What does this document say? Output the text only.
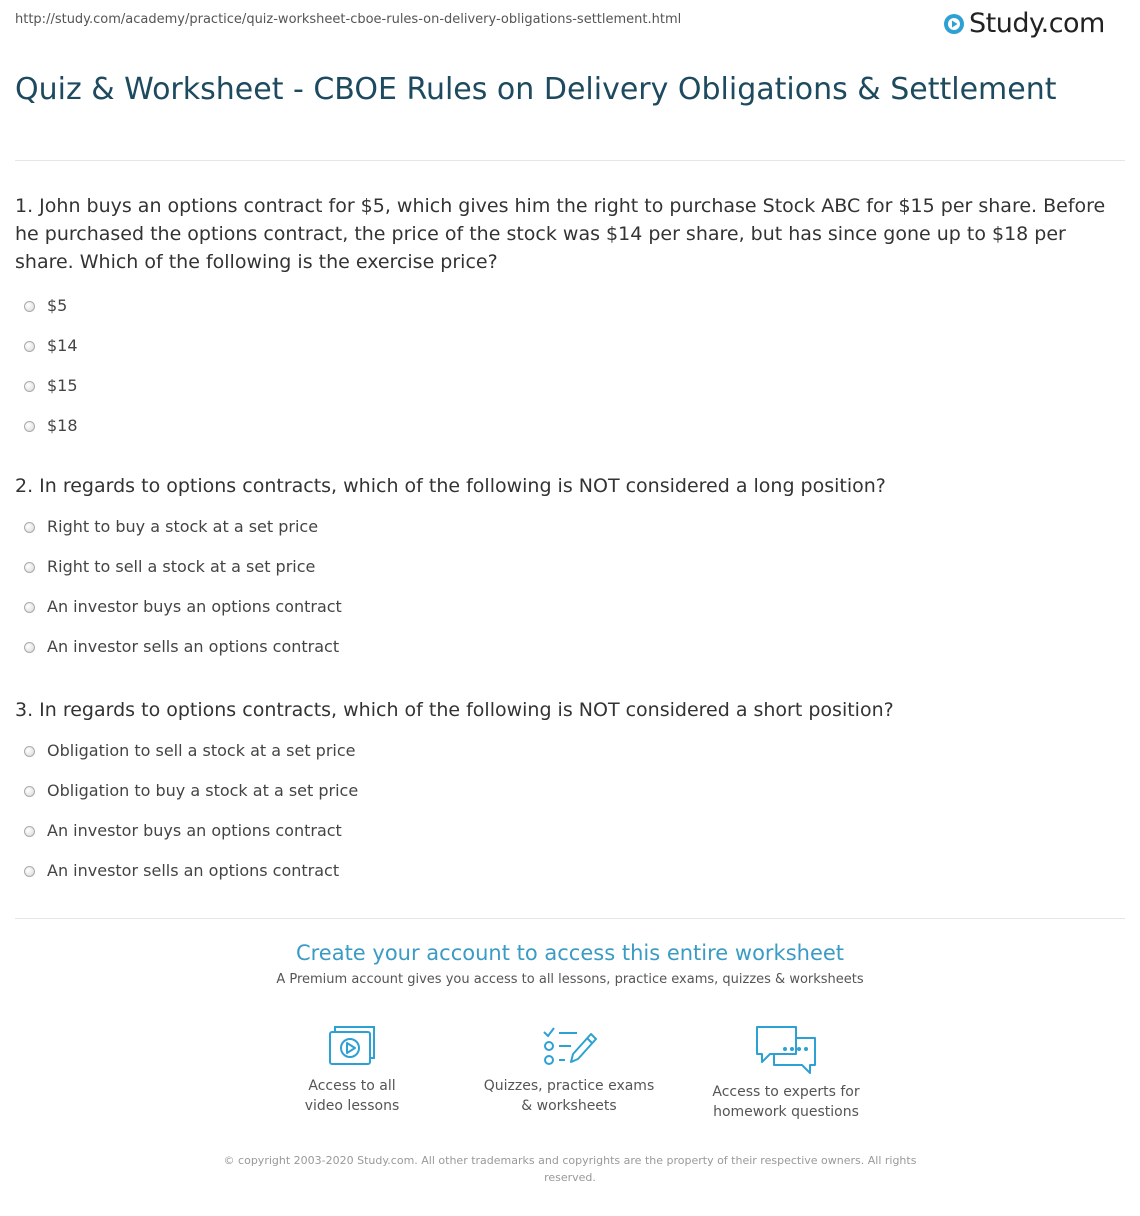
http://study.com/academy/practice/quiz-worksheet-cboe-rules-on-delivery-obligations-settlement.html	Study.com
Quiz & Worksheet - CBOE Rules on Delivery Obligations & Settlement

1. John buys an options contract for $5, which gives him the right to purchase Stock ABC for $15 per share. Before he purchased the options contract, the price of the stock was $14 per share, but has since gone up to $18 per share. Which of the following is the exercise price?

$5
$14
$15
$18

2. In regards to options contracts, which of the following is NOT considered a long position?

Right to buy a stock at a set price
Right to sell a stock at a set price
An investor buys an options contract
An investor sells an options contract

3. In regards to options contracts, which of the following is NOT considered a short position?

Obligation to sell a stock at a set price
Obligation to buy a stock at a set price
An investor buys an options contract
An investor sells an options contract
Create your account to access this entire worksheet
A Premium account gives you access to all lessons, practice exams, quizzes & worksheets
Access to all
video lessons
Quizzes, practice exams
& worksheets
Access to experts for
homework questions
© copyright 2003-2020 Study.com. All other trademarks and copyrights are the property of their respective owners. All rights reserved.
